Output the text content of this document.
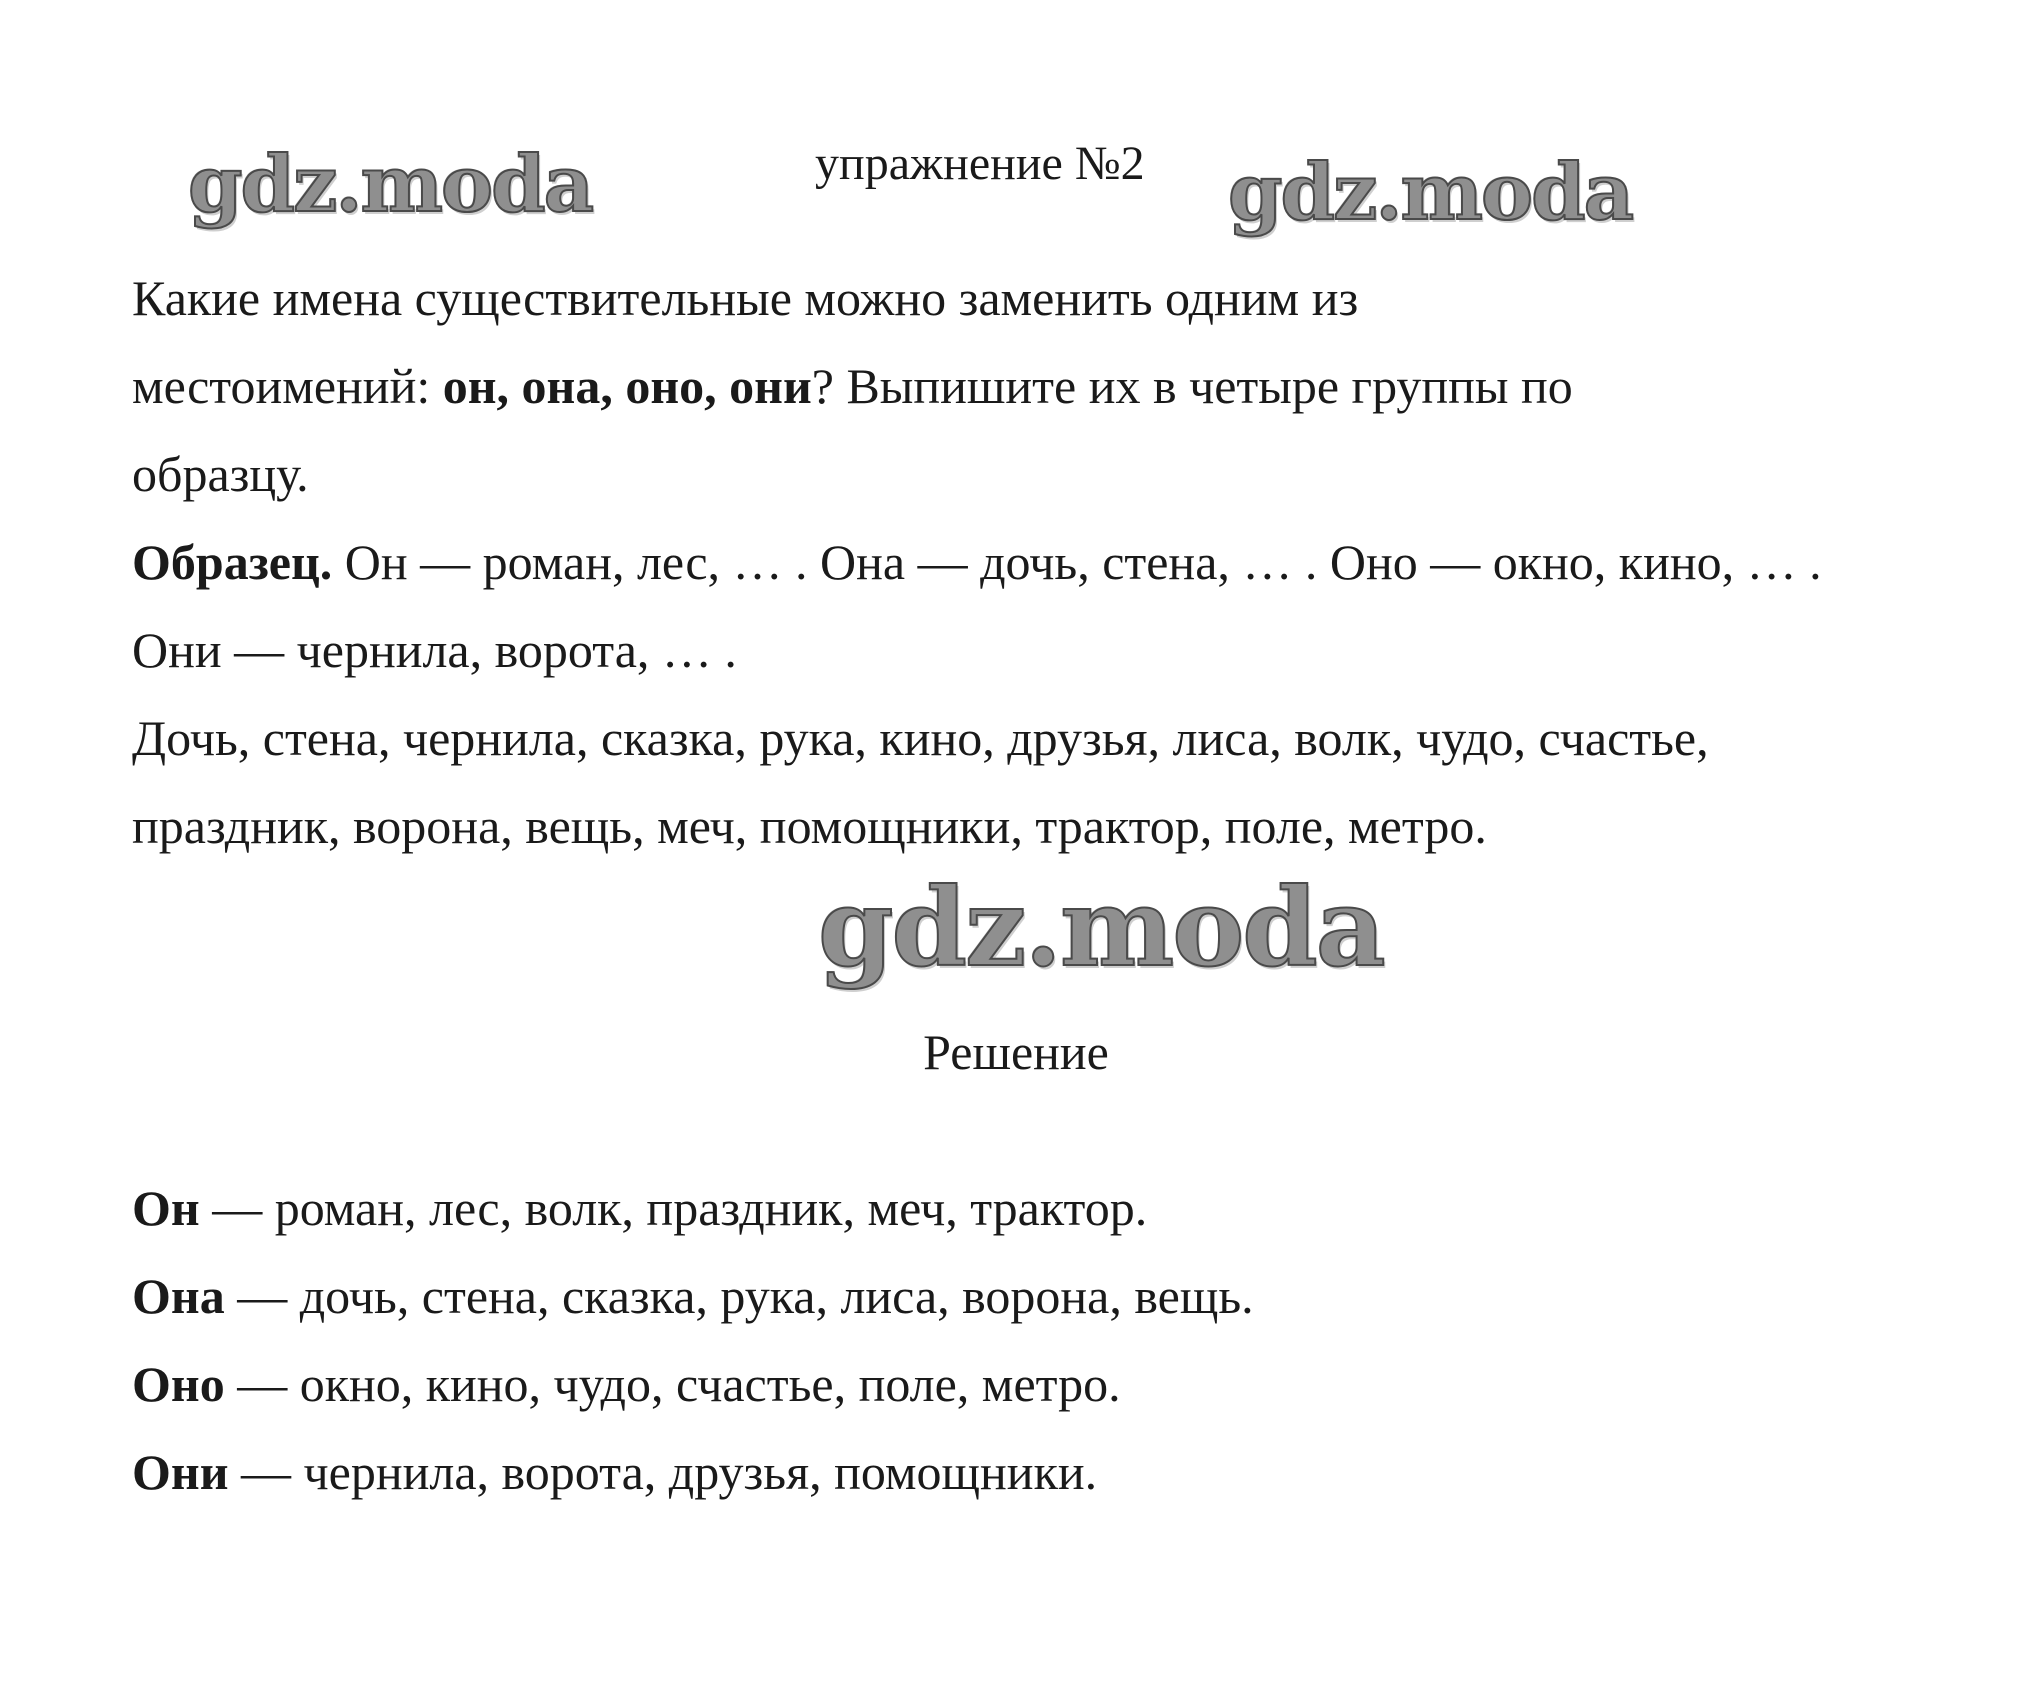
gdz.moda	gdz.moda
упражнение №2

Какие имена существительные можно заменить одним из

местоимений: он, она, оно, они? Выпишите их в четыре группы по

образцу.

Образец. Он — роман, лес, … . Она — дочь, стена, … . Оно — окно, кино, … . Они — чернила, ворота, … .

Дочь, стена, чернила, сказка, рука, кино, друзья, лиса, волк, чудо, счастье, праздник, ворона, вещь, меч, помощники, трактор, поле, метро.

gdz.moda
Решение

Он — роман, лес, волк, праздник, меч, трактор.

Она — дочь, стена, сказка, рука, лиса, ворона, вещь.

Оно — окно, кино, чудо, счастье, поле, метро.

Они — чернила, ворота, друзья, помощники.
